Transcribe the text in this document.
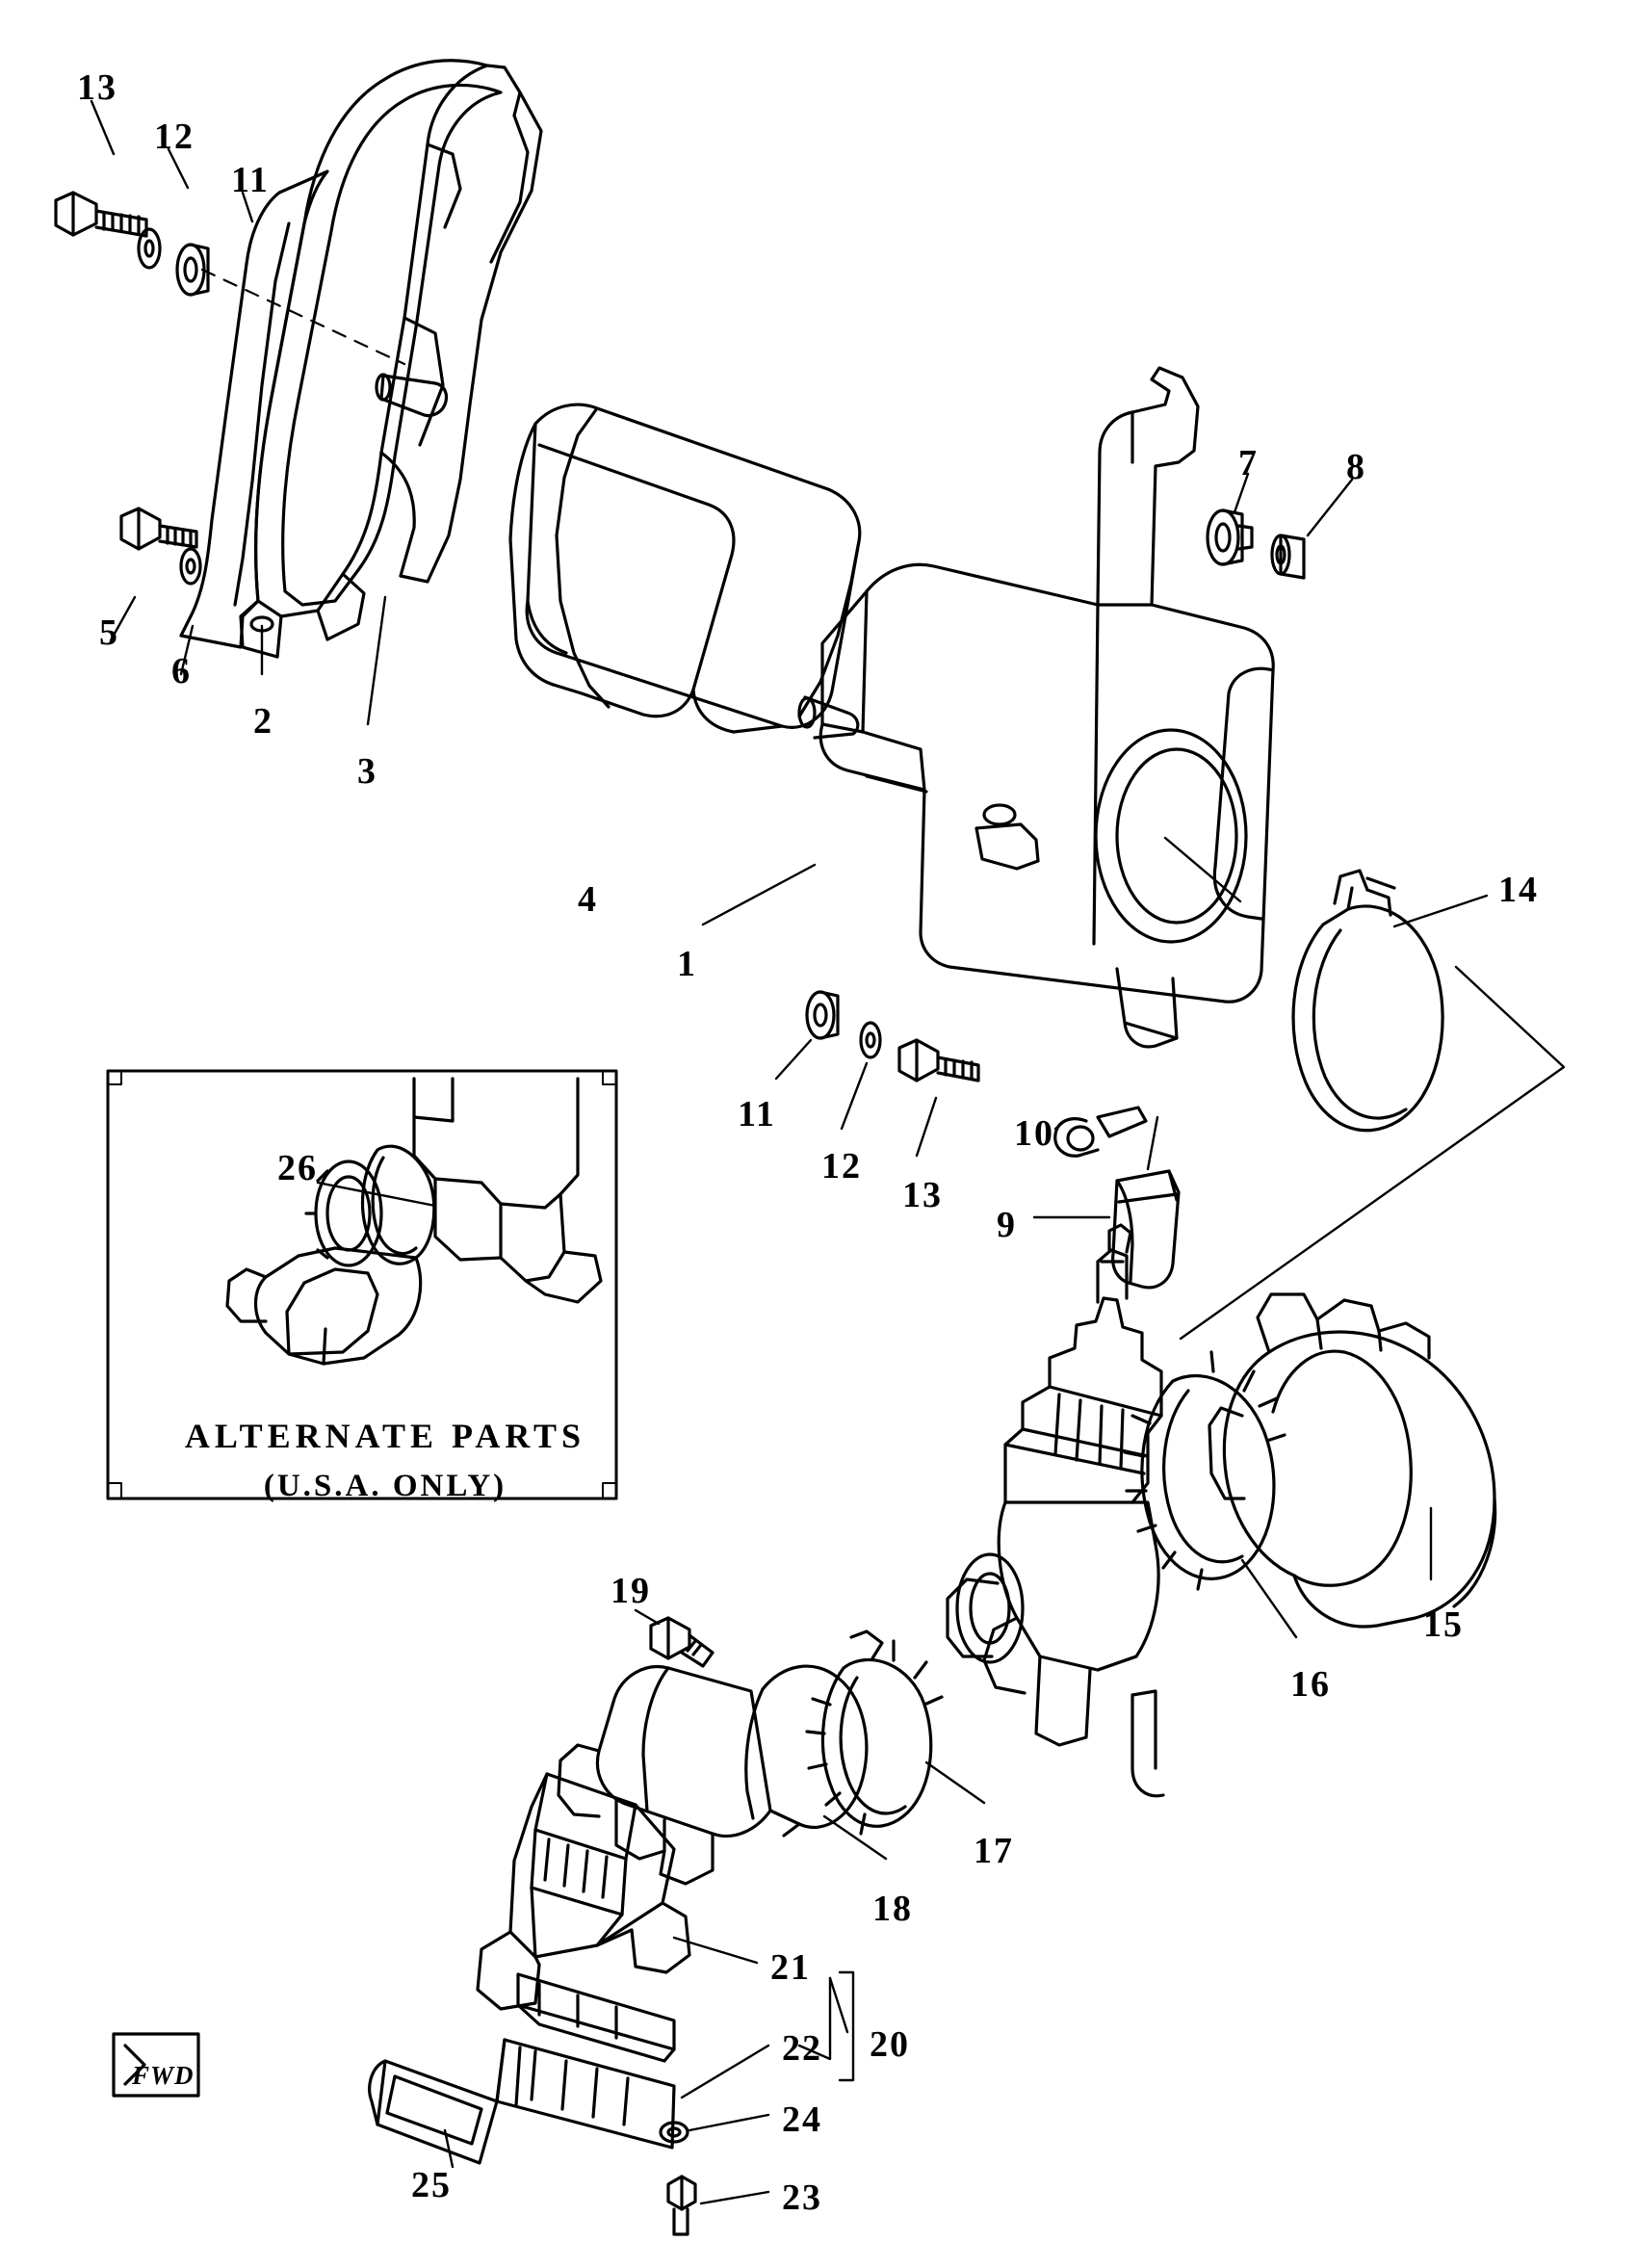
13
12
11
7 8
5
6
2
3
4
1
14
11
12
13
10
9
26
15
16
19
17
18
21
22 20
24
23
25
ALTERNATE PARTS
(U.S.A. ONLY)
FWD
